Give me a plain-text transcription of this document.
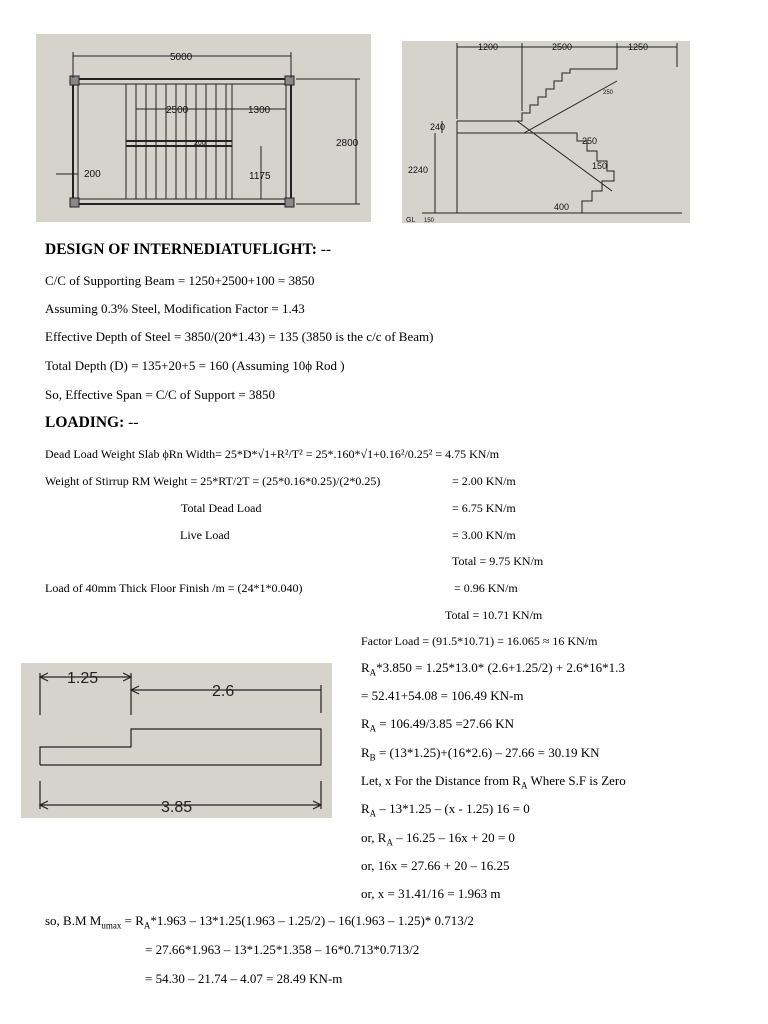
5000
2500	1300
2800
200
200
1175
1200	2500	1250
250
250
150
240
2240
400
GL 150
DESIGN OF INTERNEDIATUFLIGHT: --
C/C of Supporting Beam = 1250+2500+100 = 3850
Assuming 0.3% Steel, Modification Factor = 1.43
Effective Depth of Steel = 3850/(20*1.43) = 135 (3850 is the c/c of Beam)
Total Depth (D) = 135+20+5 = 160 (Assuming 10ϕ Rod )
So, Effective Span = C/C of Support = 3850
LOADING: --
Dead Load Weight Slab ϕRn Width= 25*D*√1+R²/T² = 25*.160*√1+0.16²/0.25² = 4.75 KN/m
Weight of Stirrup RM Weight = 25*RT/2T = (25*0.16*0.25)/(2*0.25)	= 2.00 KN/m
Total Dead Load	= 6.75 KN/m
Live Load	= 3.00 KN/m
Total = 9.75 KN/m
Load of 40mm Thick Floor Finish /m = (24*1*0.040)	= 0.96 KN/m
Total = 10.71 KN/m
Factor Load = (91.5*10.71) = 16.065 ≈ 16 KN/m
1.25
2.6
3.85
$R_A*3.850 = 1.25*13.0*$ (2.6+1.25/2) + 2.6*16*1.3
= 52.41+54.08 = 106.49 KN-m
$R_A = 106.49/3.85 =27.66$ KN
$R_B = (13*1.25)+(16*2.6) - 27.66 = 30.19$ KN
Let, x For the Distance from $R_A$ Where S.F is Zero
$R_A - 13*1.25 - (x - 1.25) 16 = 0$
or, $R_A - 16.25 - 16x + 20 = 0$
or, 16x = 27.66 + 20 – 16.25
or, x = 31.41/16 = 1.963 m
so, B.M $M_{umax} = R_A*1.963 - 13*1.25(1.963 - 1.25/2) - 16(1.963 - 1.25)*$ 0.713/2
= 27.66*1.963 – 13*1.25*1.358 – 16*0.713*0.713/2
= 54.30 – 21.74 – 4.07 = 28.49 KN-m
